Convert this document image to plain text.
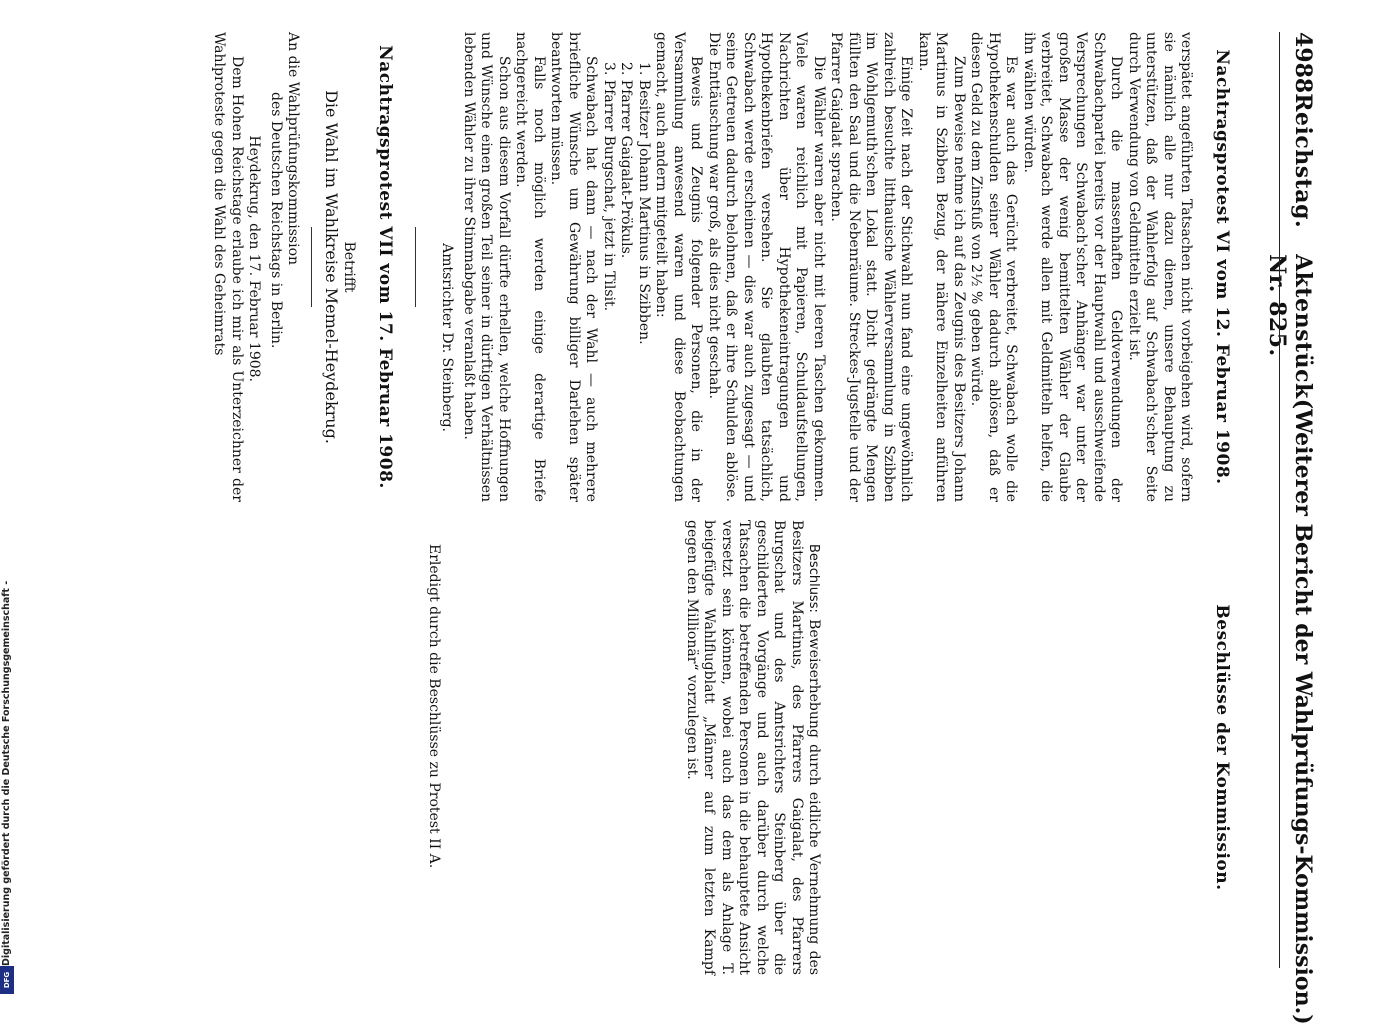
4988
Reichstag.
Aktenstück Nr. 825.
(Weiterer Bericht der Wahlprüfungs-Kommission.)
Nachtragsprotest VI vom 12. Februar 1908.

verspätet angeführten Tatsachen nicht vorbeigehen wird, sofern sie nämlich alle nur dazu dienen, unsere Behauptung zu unterstützen, daß der Wahlerfolg auf Schwabach'scher Seite durch Verwendung von Geldmitteln erzielt ist.

Durch die massenhaften Geldverwendungen der Schwabachpartei bereits vor der Hauptwahl und ausschweifende Versprechungen Schwabach'scher Anhänger war unter der großen Masse der wenig bemittelten Wähler der Glaube verbreitet, Schwabach werde allen mit Geldmitteln helfen, die ihn wählen würden.

Es war auch das Gerücht verbreitet, Schwabach wolle die Hypothekenschulden seiner Wähler dadurch ablösen, daß er diesen Geld zu dem Zinsfuß von 2½ % geben würde.

Zum Beweise nehme ich auf das Zeugnis des Besitzers Johann Martinus in Szibben Bezug, der nähere Einzelheiten anführen kann.

Einige Zeit nach der Stichwahl nun fand eine ungewöhnlich zahlreich besuchte litthauische Wählerversammlung in Szibben im Wohlgemuth'schen Lokal statt. Dicht gedrängte Mengen füllten den Saal und die Nebenräume. Streckes-Jugstelle und der Pfarrer Gaigalat sprachen.

Die Wähler waren aber nicht mit leeren Taschen gekommen. Viele waren reichlich mit Papieren, Schuldaufstellungen, Nachrichten über Hypothekeneintragungen und Hypothekenbriefen versehen. Sie glaubten tatsächlich, Schwabach werde erscheinen — dies war auch zugesagt — und seine Getreuen dadurch belohnen, daß er ihre Schulden ablöse. Die Enttäuschung war groß, als dies nicht geschah.

Beweis und Zeugnis folgender Personen, die in der Versammlung anwesend waren und diese Beobachtungen gemacht, auch andern mitgeteilt haben:

1. Besitzer Johann Martinus in Szibben.
2. Pfarrer Gaigalat-Prökuls.
3. Pfarrer Burgschat, jetzt in Tilsit.

Schwabach hat dann — nach der Wahl — auch mehrere briefliche Wünsche um Gewährung billiger Darlehen später beantworten müssen.

Falls noch möglich werden einige derartige Briefe nachgereicht werden.

Schon aus diesem Vorfall dürfte erhellen, welche Hoffnungen und Wünsche einen großen Teil seiner in dürftigen Verhältnissen lebenden Wähler zu ihrer Stimmabgabe veranlaßt haben.

Amtsrichter Dr. Steinberg.
Nachtragsprotest VII vom 17. Februar 1908.
Betrifft
Die Wahl im Wahlkreise Memel-Heydekrug.
An die Wahlprüfungskommission
des Deutschen Reichstags in Berlin.
Heydekrug, den 17. Februar 1908.

Dem Hohen Reichstage erlaube ich mir als Unterzeichner der Wahlproteste gegen die Wahl des Geheimrats

Beschlüsse der Kommission.

Beschluss: Beweiserhebung durch eidliche Vernehmung des Besitzers Martinus, des Pfarrers Gaigalat, des Pfarrers Burgschat und des Amtsrichters Steinberg über die geschilderten Vorgänge und auch darüber durch welche Tatsachen die betreffenden Personen in die behauptete Ansicht versetzt sein können, wobei auch das dem als Anlage T. beigefügte Wahlflugblatt „Männer auf zum letzten Kampf gegen den Millionär“ vorzulegen ist.

Erledigt durch die Beschlüsse zu Protest II A.

Digitalisierung gefördert durch die Deutsche Forschungsgemeinschaft -
DFG
